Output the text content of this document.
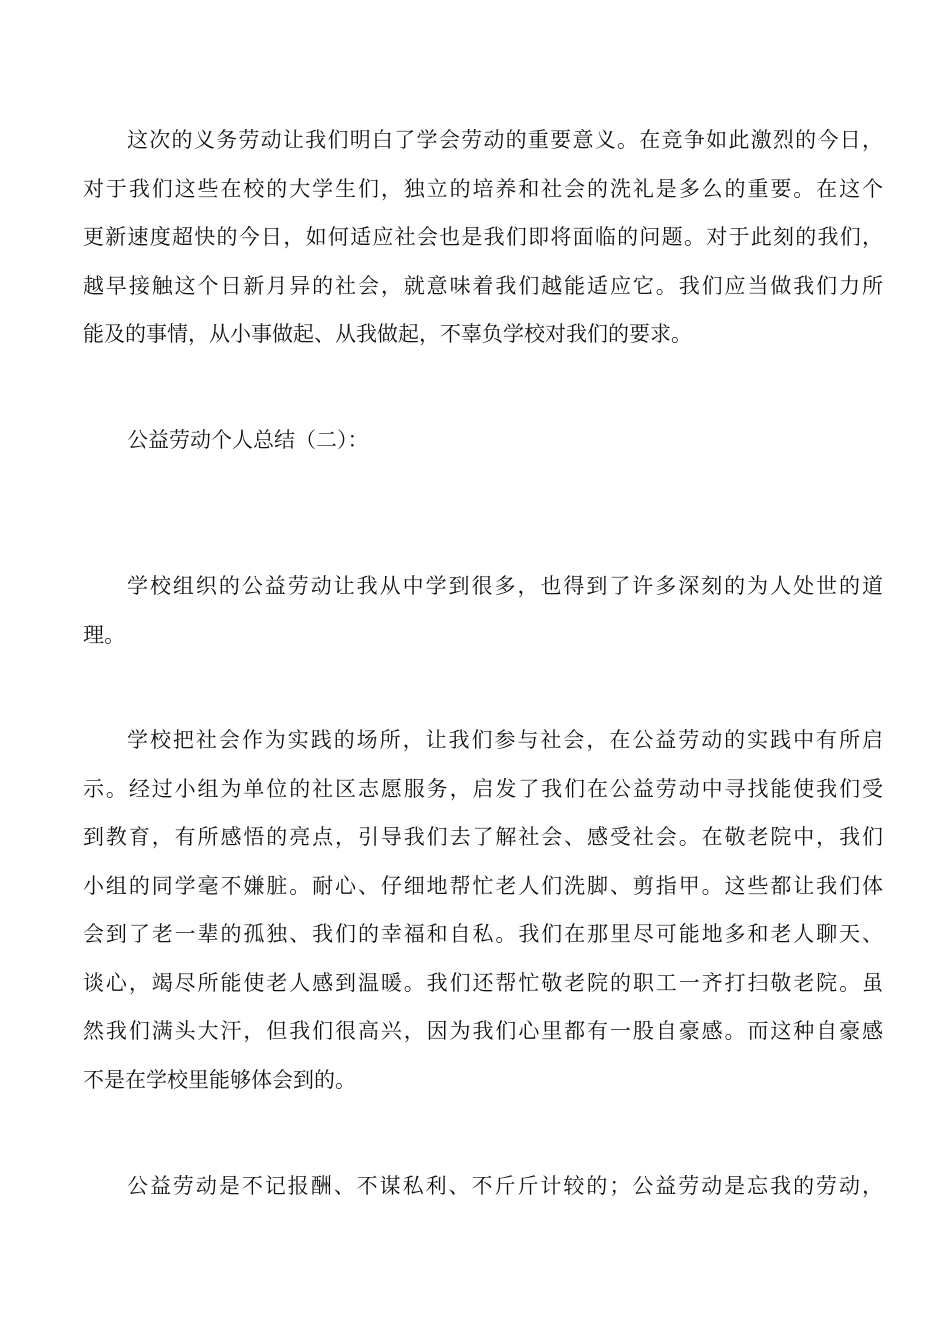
这次的义务劳动让我们明白了学会劳动的重要意义。在竞争如此激烈的今日，
对于我们这些在校的大学生们，独立的培养和社会的洗礼是多么的重要。在这个
更新速度超快的今日，如何适应社会也是我们即将面临的问题。对于此刻的我们，
越早接触这个日新月异的社会，就意味着我们越能适应它。我们应当做我们力所
能及的事情，从小事做起、从我做起，不辜负学校对我们的要求。
公益劳动个人总结（二）：
学校组织的公益劳动让我从中学到很多，也得到了许多深刻的为人处世的道
理。
学校把社会作为实践的场所，让我们参与社会，在公益劳动的实践中有所启
示。经过小组为单位的社区志愿服务，启发了我们在公益劳动中寻找能使我们受
到教育，有所感悟的亮点，引导我们去了解社会、感受社会。在敬老院中，我们
小组的同学毫不嫌脏。耐心、仔细地帮忙老人们洗脚、剪指甲。这些都让我们体
会到了老一辈的孤独、我们的幸福和自私。我们在那里尽可能地多和老人聊天、
谈心，竭尽所能使老人感到温暖。我们还帮忙敬老院的职工一齐打扫敬老院。虽
然我们满头大汗，但我们很高兴，因为我们心里都有一股自豪感。而这种自豪感
不是在学校里能够体会到的。
公益劳动是不记报酬、不谋私利、不斤斤计较的；公益劳动是忘我的劳动，
